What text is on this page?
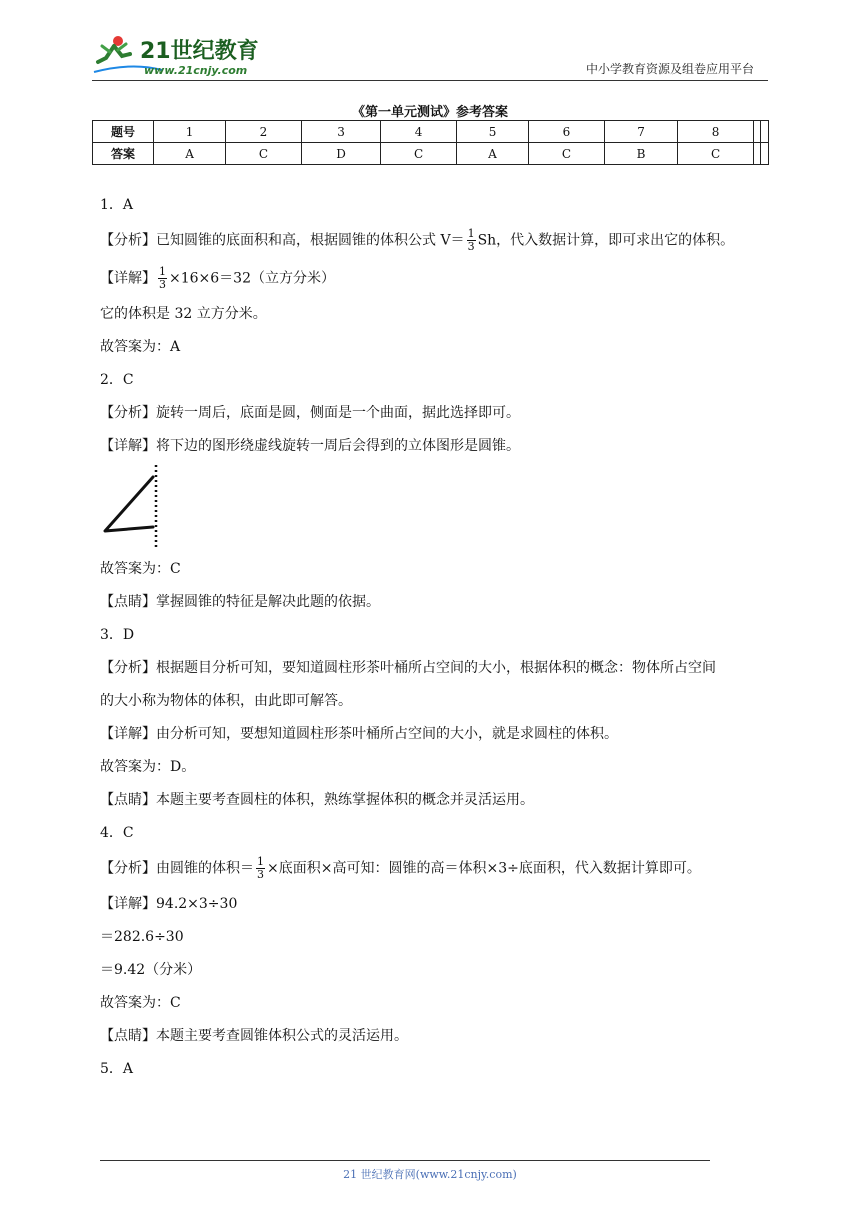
21世纪教育
www.21cnjy.com	中小学教育资源及组卷应用平台
《第一单元测试》参考答案
题号	1	2	3	4	5	6	7	8		
答案	A	C	D	C	A	C	B	C		
1．A
【分析】已知圆锥的底面积和高，根据圆锥的体积公式 $V= \frac{1}{3}$ Sh，代入数据计算，即可求出它的体积。
【详解】 $\frac{1}{3} \times 16\times 6=32$（立方分米）
它的体积是 32 立方分米。
故答案为：A
2．C
【分析】旋转一周后，底面是圆，侧面是一个曲面，据此选择即可。
【详解】将下边的图形绕虚线旋转一周后会得到的立体图形是圆锥。
故答案为：C
【点睛】掌握圆锥的特征是解决此题的依据。
3．D
【分析】根据题目分析可知，要知道圆柱形茶叶桶所占空间的大小，根据体积的概念：物体所占空间
的大小称为物体的体积，由此即可解答。
【详解】由分析可知，要想知道圆柱形茶叶桶所占空间的大小，就是求圆柱的体积。
故答案为：D。
【点睛】本题主要考查圆柱的体积，熟练掌握体积的概念并灵活运用。
4．C
【分析】由圆锥的体积＝ $\frac{1}{3}$ ×底面积×高可知：圆锥的高＝体积×3÷底面积，代入数据计算即可。
【详解】94.2×3÷30
＝282.6÷30
＝9.42（分米）
故答案为：C
【点睛】本题主要考查圆锥体积公式的灵活运用。
5．A
21 世纪教育网(www.21cnjy.com)
